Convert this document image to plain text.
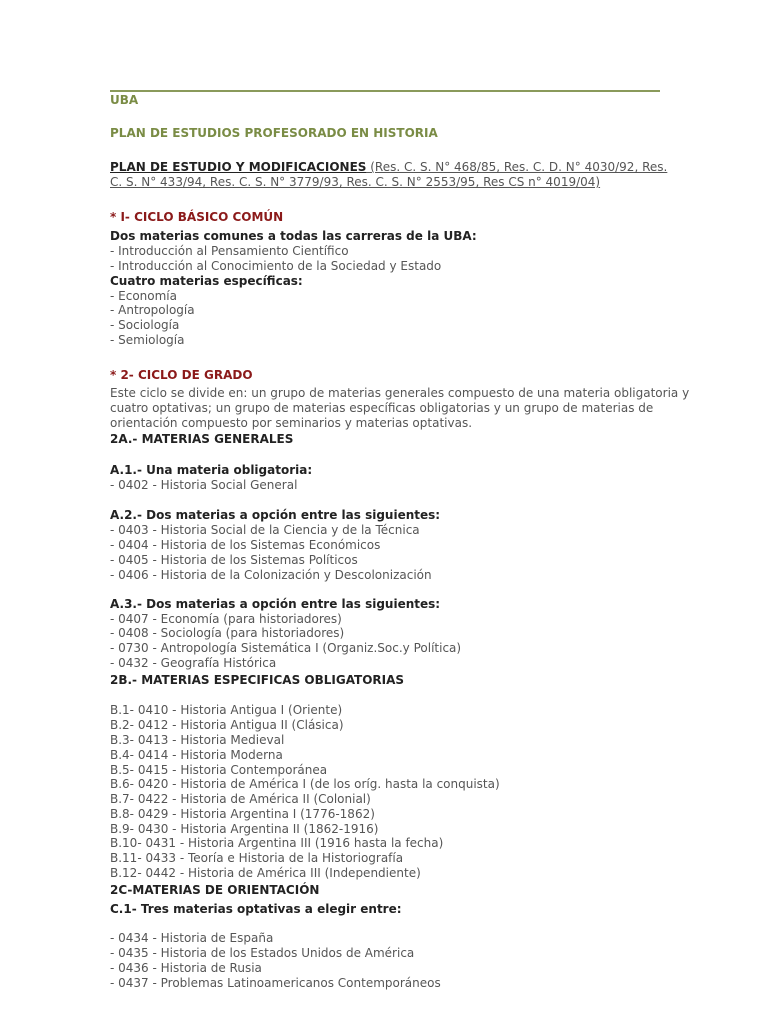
UBA
PLAN DE ESTUDIOS PROFESORADO EN HISTORIA
PLAN DE ESTUDIO Y MODIFICACIONES (Res. C. S. N° 468/85, Res. C. D. N° 4030/92, Res.
C. S. N° 433/94, Res. C. S. N° 3779/93, Res. C. S. N° 2553/95, Res CS n° 4019/04)
* I- CICLO BÁSICO COMÚN
Dos materias comunes a todas las carreras de la UBA:
- Introducción al Pensamiento Científico
- Introducción al Conocimiento de la Sociedad y Estado
Cuatro materias específicas:
- Economía
- Antropología
- Sociología
- Semiología
* 2- CICLO DE GRADO
Este ciclo se divide en: un grupo de materias generales compuesto de una materia obligatoria y
cuatro optativas; un grupo de materias específicas obligatorias y un grupo de materias de
orientación compuesto por seminarios y materias optativas.
2A.- MATERIAS GENERALES
A.1.- Una materia obligatoria:
- 0402 - Historia Social General
A.2.- Dos materias a opción entre las siguientes:
- 0403 - Historia Social de la Ciencia y de la Técnica
- 0404 - Historia de los Sistemas Económicos
- 0405 - Historia de los Sistemas Políticos
- 0406 - Historia de la Colonización y Descolonización
A.3.- Dos materias a opción entre las siguientes:
- 0407 - Economía (para historiadores)
- 0408 - Sociología (para historiadores)
- 0730 - Antropología Sistemática I (Organiz.Soc.y Política)
- 0432 - Geografía Histórica
2B.- MATERIAS ESPECIFICAS OBLIGATORIAS
B.1- 0410 - Historia Antigua I (Oriente)
B.2- 0412 - Historia Antigua II (Clásica)
B.3- 0413 - Historia Medieval
B.4- 0414 - Historia Moderna
B.5- 0415 - Historia Contemporánea
B.6- 0420 - Historia de América I (de los oríg. hasta la conquista)
B.7- 0422 - Historia de América II (Colonial)
B.8- 0429 - Historia Argentina I (1776-1862)
B.9- 0430 - Historia Argentina II (1862-1916)
B.10- 0431 - Historia Argentina III (1916 hasta la fecha)
B.11- 0433 - Teoría e Historia de la Historiografía
B.12- 0442 - Historia de América III (Independiente)
2C-MATERIAS DE ORIENTACIÓN
C.1- Tres materias optativas a elegir entre:
- 0434 - Historia de España
- 0435 - Historia de los Estados Unidos de América
- 0436 - Historia de Rusia
- 0437 - Problemas Latinoamericanos Contemporáneos
